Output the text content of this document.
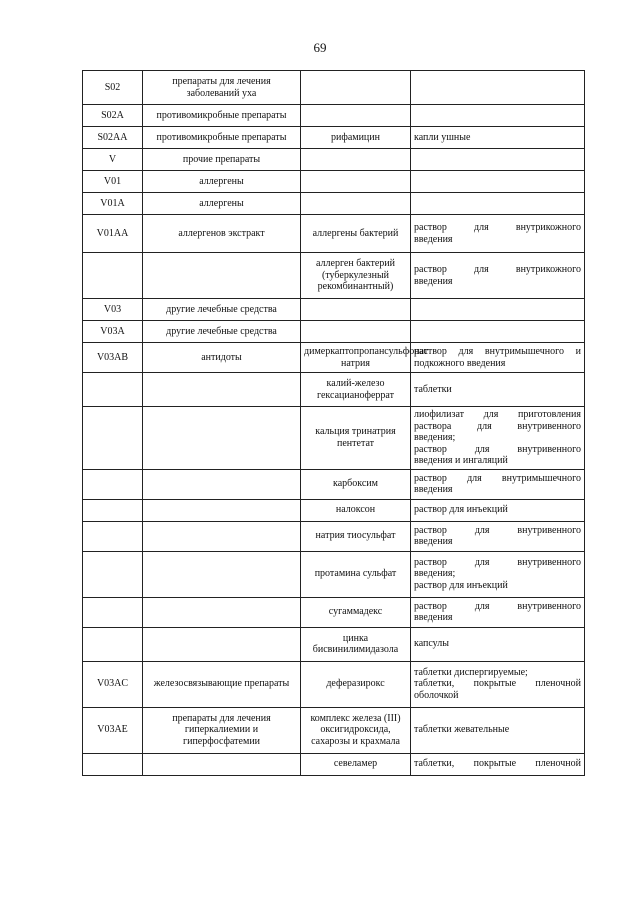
69
S02	препараты для лечения заболеваний уха		
S02A	противомикробные препараты		
S02AA	противомикробные препараты	рифамицин	капли ушные

V	прочие препараты		
V01	аллергены		
V01A	аллергены		
V01AA	аллергенов экстракт	аллергены бактерий	раствор для внутрикожного
введения

		аллерген бактерий (туберкулезный рекомбинантный)	раствор для внутрикожного
введения

V03	другие лечебные средства		
V03A	другие лечебные средства		
V03AB	антидоты	димеркаптопропансульфонат натрия	раствор для внутримышечного и
подкожного введения

		калий-железо гексацианоферрат	таблетки

		кальция тринатрия пентетат	лиофилизат для приготовления
раствора для внутривенного
введения;
раствор для внутривенного
введения и ингаляций

		карбоксим	раствор для внутримышечного
введения

		налоксон	раствор для инъекций

		натрия тиосульфат	раствор для внутривенного
введения

		протамина сульфат	раствор для внутривенного
введения;
раствор для инъекций

		сугаммадекс	раствор для внутривенного
введения

		цинка бисвинилимидазола	капсулы

V03AC	железосвязывающие препараты	деферазирокс	таблетки диспергируемые;
таблетки, покрытые пленочной
оболочкой

V03AE	препараты для лечения гиперкалиемии и гиперфосфатемии	комплекс железа (III) оксигидроксида, сахарозы и крахмала	таблетки жевательные

		севеламер	таблетки, покрытые пленочной
